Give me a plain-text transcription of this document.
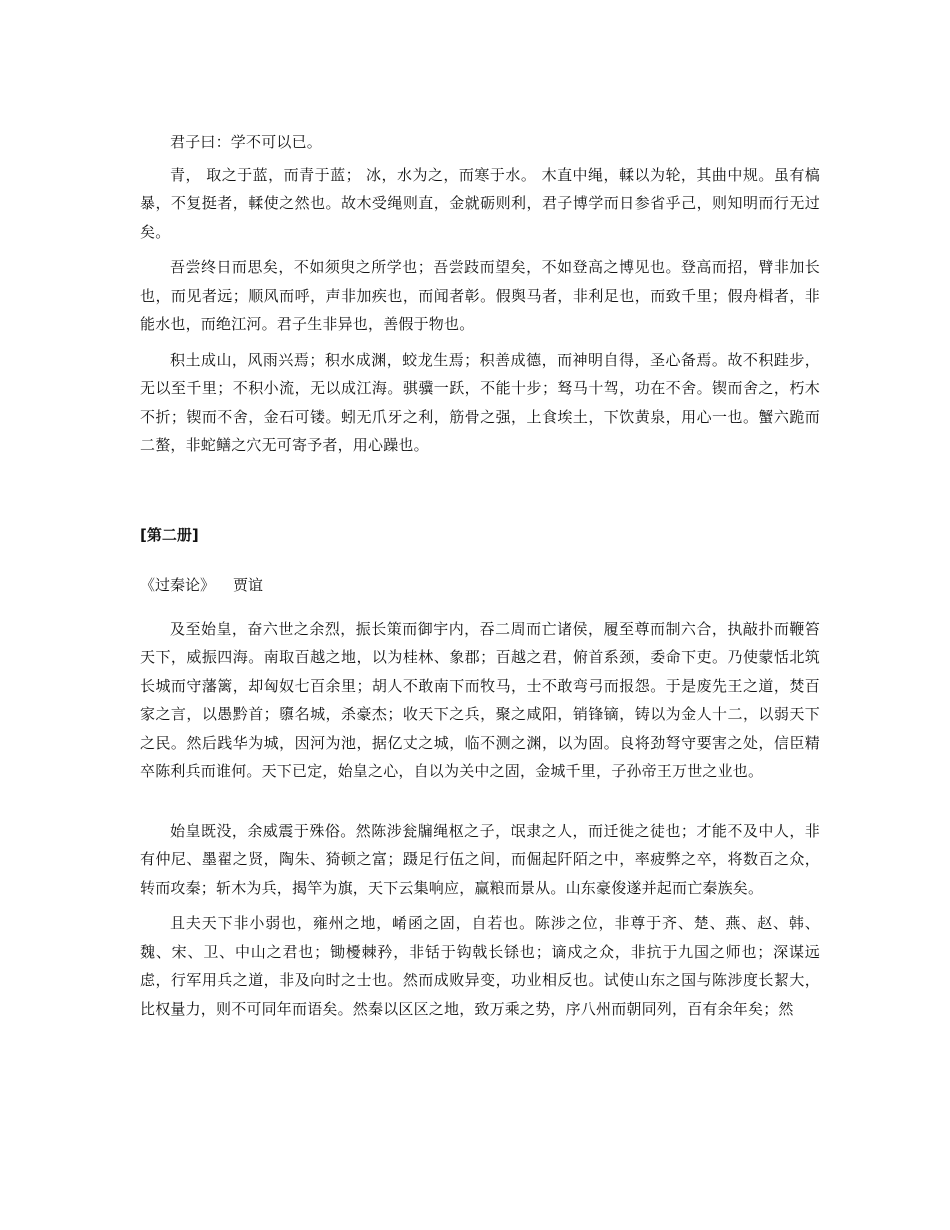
君子曰：学不可以已。

青， 取之于蓝，而青于蓝； 冰，水为之，而寒于水。 木直中绳，輮以为轮，其曲中规。虽有槁暴，不复挺者，輮使之然也。故木受绳则直，金就砺则利，君子博学而日参省乎己，则知明而行无过矣。

吾尝终日而思矣，不如须臾之所学也；吾尝跂而望矣，不如登高之博见也。登高而招，臂非加长也，而见者远；顺风而呼，声非加疾也，而闻者彰。假舆马者，非利足也，而致千里；假舟楫者，非能水也，而绝江河。君子生非异也，善假于物也。

积土成山，风雨兴焉；积水成渊，蛟龙生焉；积善成德，而神明自得，圣心备焉。故不积跬步，无以至千里；不积小流，无以成江海。骐骥一跃，不能十步；驽马十驾，功在不舍。锲而舍之，朽木不折；锲而不舍，金石可镂。蚓无爪牙之利，筋骨之强，上食埃土，下饮黄泉，用心一也。蟹六跪而二螯，非蛇鳝之穴无可寄予者，用心躁也。

[第二册]

《过秦论》 贾谊

及至始皇，奋六世之余烈，振长策而御宇内，吞二周而亡诸侯，履至尊而制六合，执敲扑而鞭笞天下，威振四海。南取百越之地，以为桂林、象郡；百越之君，俯首系颈，委命下吏。乃使蒙恬北筑长城而守藩篱，却匈奴七百余里；胡人不敢南下而牧马，士不敢弯弓而报怨。于是废先王之道，焚百家之言，以愚黔首；隳名城，杀豪杰；收天下之兵，聚之咸阳，销锋镝，铸以为金人十二，以弱天下之民。然后践华为城，因河为池，据亿丈之城，临不测之渊，以为固。良将劲弩守要害之处，信臣精卒陈利兵而谁何。天下已定，始皇之心，自以为关中之固，金城千里，子孙帝王万世之业也。

始皇既没，余威震于殊俗。然陈涉瓮牖绳枢之子，氓隶之人，而迁徙之徒也；才能不及中人，非有仲尼、墨翟之贤，陶朱、猗顿之富；蹑足行伍之间，而倔起阡陌之中，率疲弊之卒，将数百之众，转而攻秦；斩木为兵，揭竿为旗，天下云集响应，赢粮而景从。山东豪俊遂并起而亡秦族矣。

且夫天下非小弱也，雍州之地，崤函之固，自若也。陈涉之位，非尊于齐、楚、燕、赵、韩、魏、宋、卫、中山之君也；锄櫌棘矜，非铦于钩戟长铩也；谪戍之众，非抗于九国之师也；深谋远虑，行军用兵之道，非及向时之士也。然而成败异变，功业相反也。试使山东之国与陈涉度长絜大，比权量力，则不可同年而语矣。然秦以区区之地，致万乘之势，序八州而朝同列，百有余年矣；然
